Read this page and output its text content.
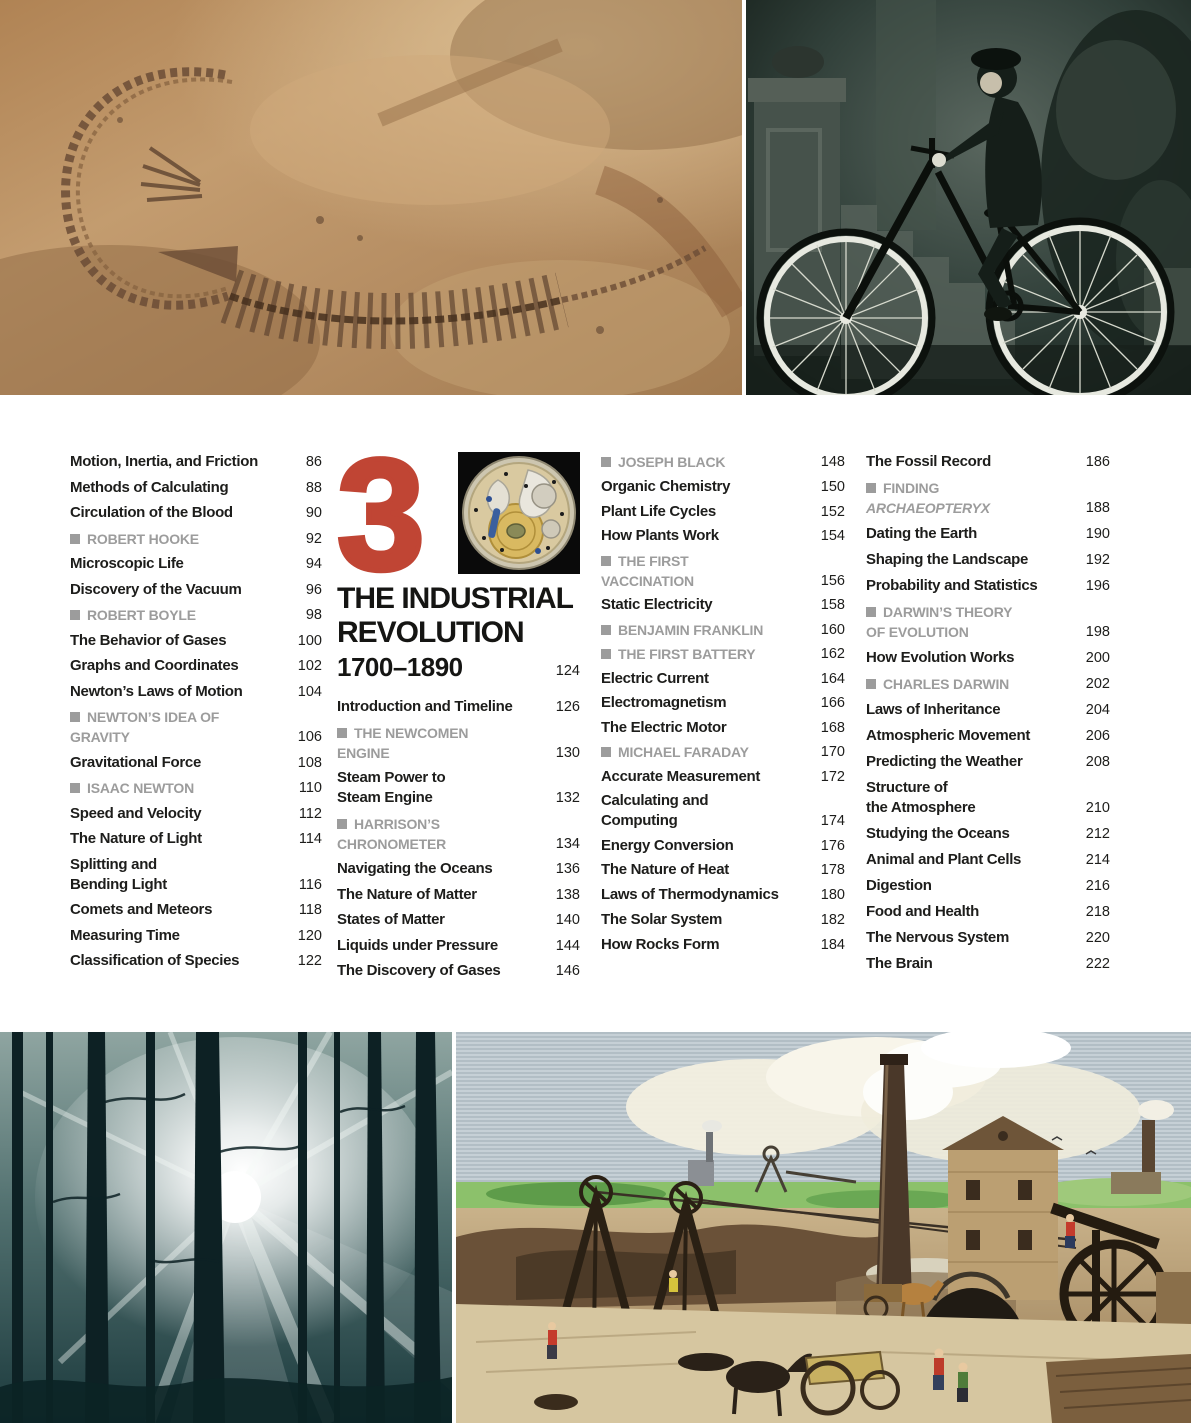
Motion, Inertia, and Friction	86
Methods of Calculating	88
Circulation of the Blood	90
ROBERT HOOKE	92
Microscopic Life	94
Discovery of the Vacuum	96
ROBERT BOYLE	98
The Behavior of Gases	100
Graphs and Coordinates	102
Newton’s Laws of Motion	104
NEWTON’S IDEA OF
GRAVITY	106
Gravitational Force	108
ISAAC NEWTON	110
Speed and Velocity	112
The Nature of Light	114
Splitting and
Bending Light	116
Comets and Meteors	118
Measuring Time	120
Classification of Species	122
3
THE INDUSTRIAL
REVOLUTION
1700–1890	124
Introduction and Timeline	126
THE NEWCOMEN
ENGINE	130
Steam Power to
Steam Engine	132
HARRISON’S
CHRONOMETER	134
Navigating the Oceans	136
The Nature of Matter	138
States of Matter	140
Liquids under Pressure	144
The Discovery of Gases	146
JOSEPH BLACK	148
Organic Chemistry	150
Plant Life Cycles	152
How Plants Work	154
THE FIRST
VACCINATION	156
Static Electricity	158
BENJAMIN FRANKLIN	160
THE FIRST BATTERY	162
Electric Current	164
Electromagnetism	166
The Electric Motor	168
MICHAEL FARADAY	170
Accurate Measurement	172
Calculating and
Computing	174
Energy Conversion	176
The Nature of Heat	178
Laws of Thermodynamics	180
The Solar System	182
How Rocks Form	184
The Fossil Record	186
FINDING
ARCHAEOPTERYX	188
Dating the Earth	190
Shaping the Landscape	192
Probability and Statistics	196
DARWIN’S THEORY
OF EVOLUTION	198
How Evolution Works	200
CHARLES DARWIN	202
Laws of Inheritance	204
Atmospheric Movement	206
Predicting the Weather	208
Structure of
the Atmosphere	210
Studying the Oceans	212
Animal and Plant Cells	214
Digestion	216
Food and Health	218
The Nervous System	220
The Brain	222
